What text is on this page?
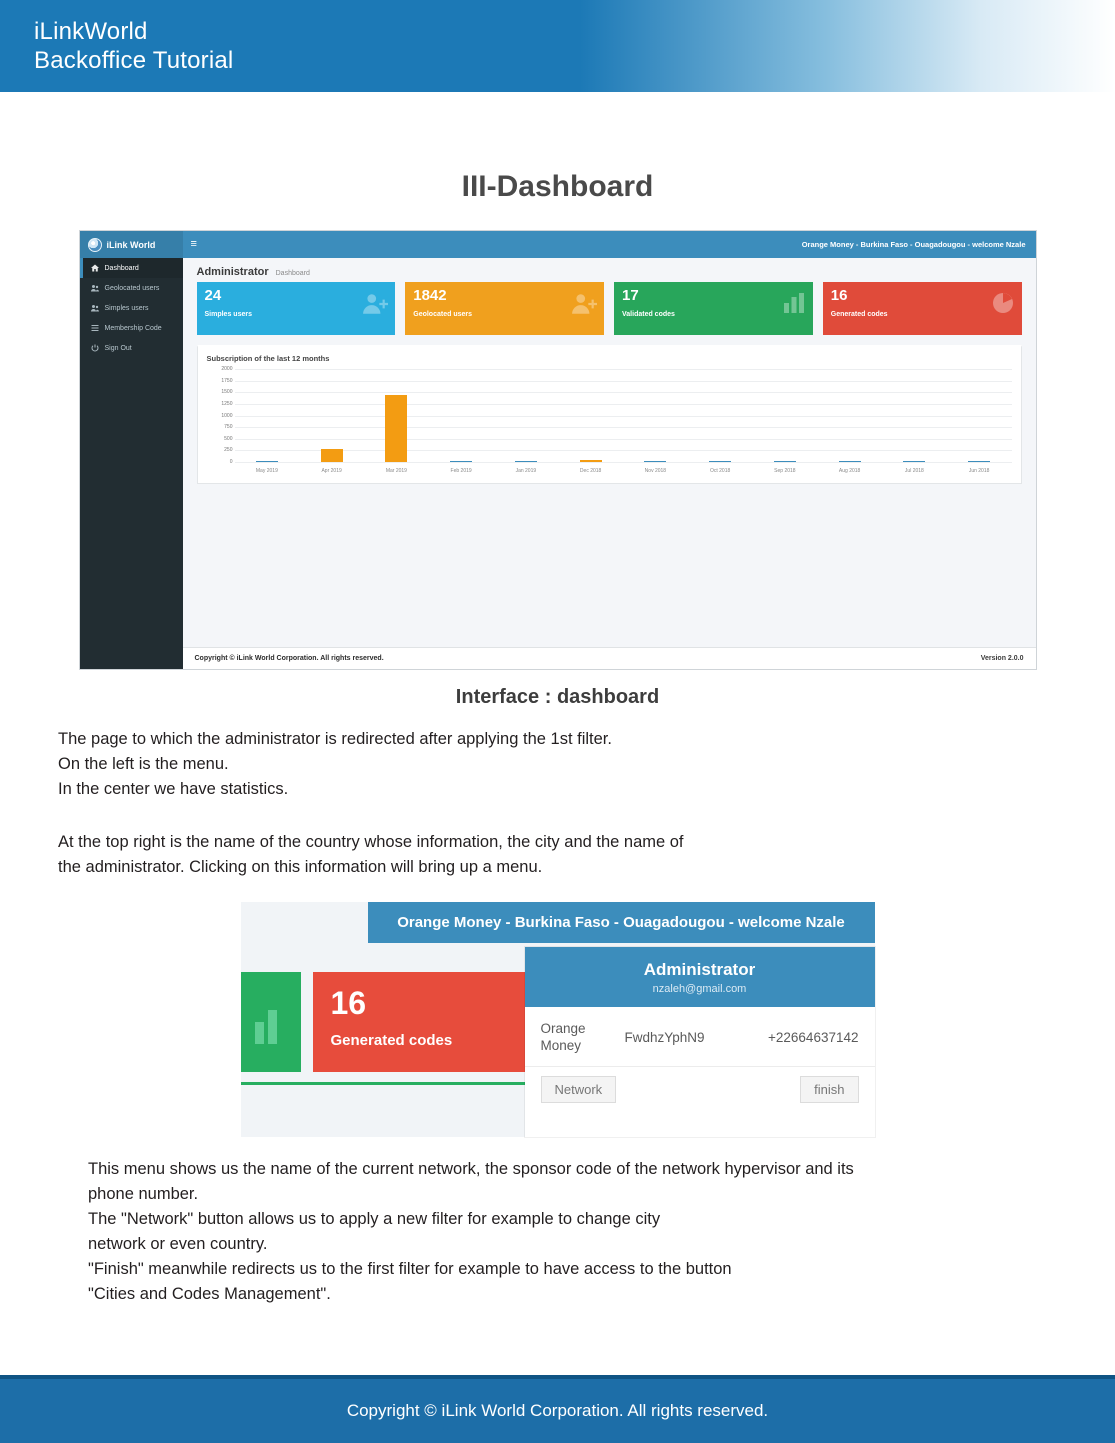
iLinkWorld
Backoffice Tutorial
III-Dashboard
iLink World
Dashboard
Geolocated users
Simples users
Membership Code
Sign Out
≡	Orange Money - Burkina Faso - Ouagadougou - welcome Nzale
Administrator Dashboard
24
Simples users
1842
Geolocated users
17
Validated codes
16
Generated codes
Subscription of the last 12 months
2000
1750
1500
1250
1000
750
500
250
0
May 2019	Apr 2019	Mar 2019	Feb 2019	Jan 2019	Dec 2018	Nov 2018	Oct 2018	Sep 2018	Aug 2018	Jul 2018	Jun 2018
Copyright © iLink World Corporation. All rights reserved.	Version 2.0.0
Interface : dashboard
The page to which the administrator is redirected after applying the 1st filter.
On the left is the menu.
In the center we have statistics.
At the top right is the name of the country whose information, the city and the name of
the administrator. Clicking on this information will bring up a menu.
Orange Money - Burkina Faso - Ouagadougou - welcome Nzale
16
Generated codes
Administrator
nzaleh@gmail.com
Orange Money
FwdhzYphN9	+22664637142
Network	finish
This menu shows us the name of the current network, the sponsor code of the network hypervisor and its
phone number.
The "Network" button allows us to apply a new filter for example to change city
network or even country.
"Finish" meanwhile redirects us to the first filter for example to have access to the button
"Cities and Codes Management".
Copyright © iLink World Corporation. All rights reserved.
